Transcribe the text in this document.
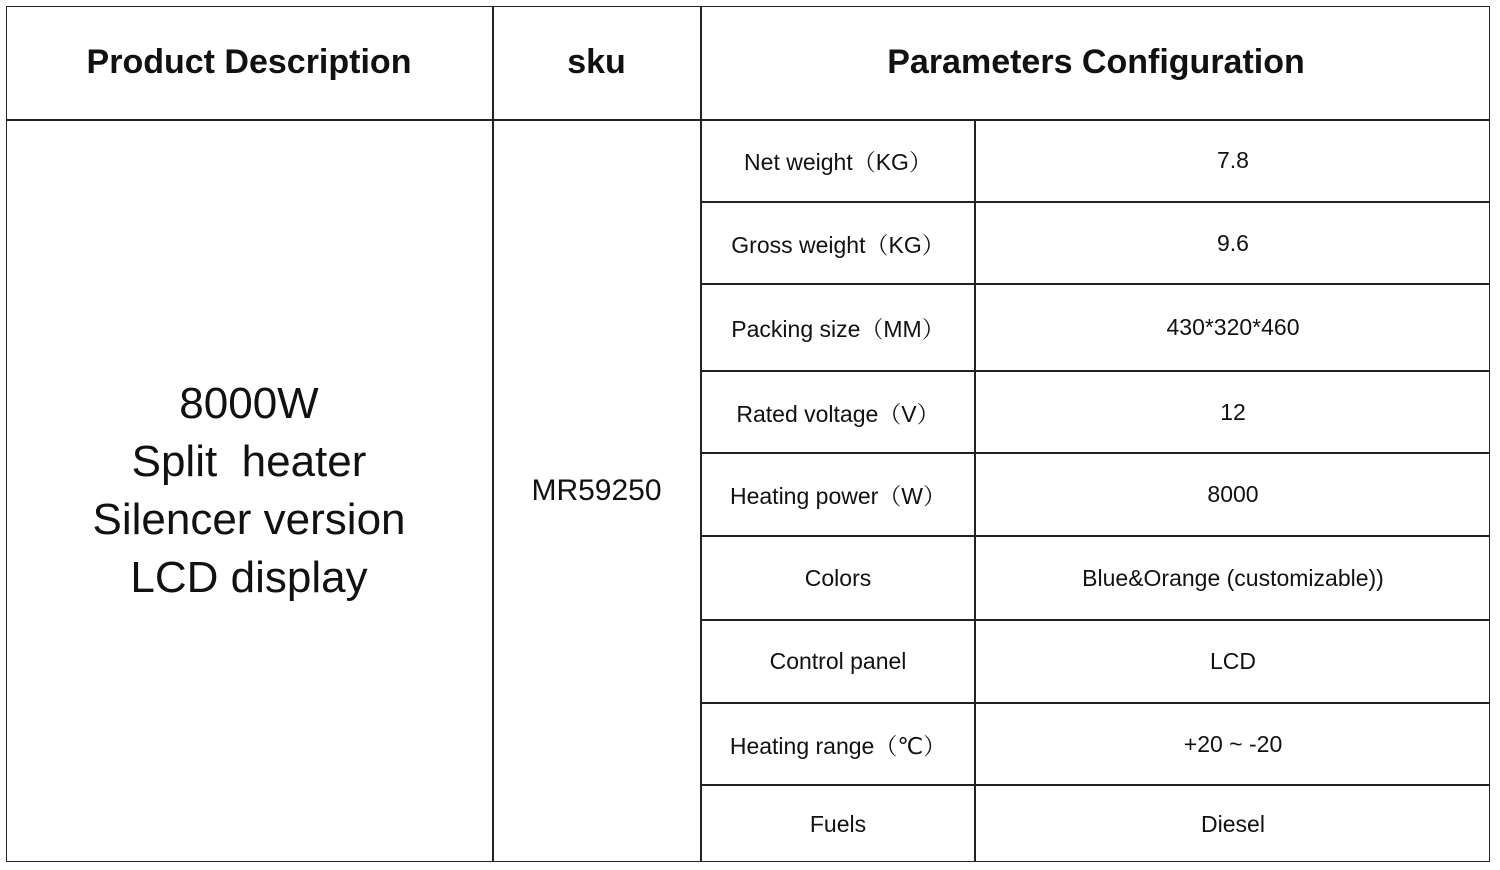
Product Description	sku	Parameters Configuration
8000W
Split  heater
Silencer version
LCD display
MR59250
Net weight（KG）	7.8
Gross weight（KG）	9.6
Packing size（MM）	430*320*460
Rated voltage（V）	12
Heating power（W）	8000
Colors	Blue&Orange (customizable))
Control panel	LCD
Heating range（℃）	+20 ~ -20
Fuels	Diesel
